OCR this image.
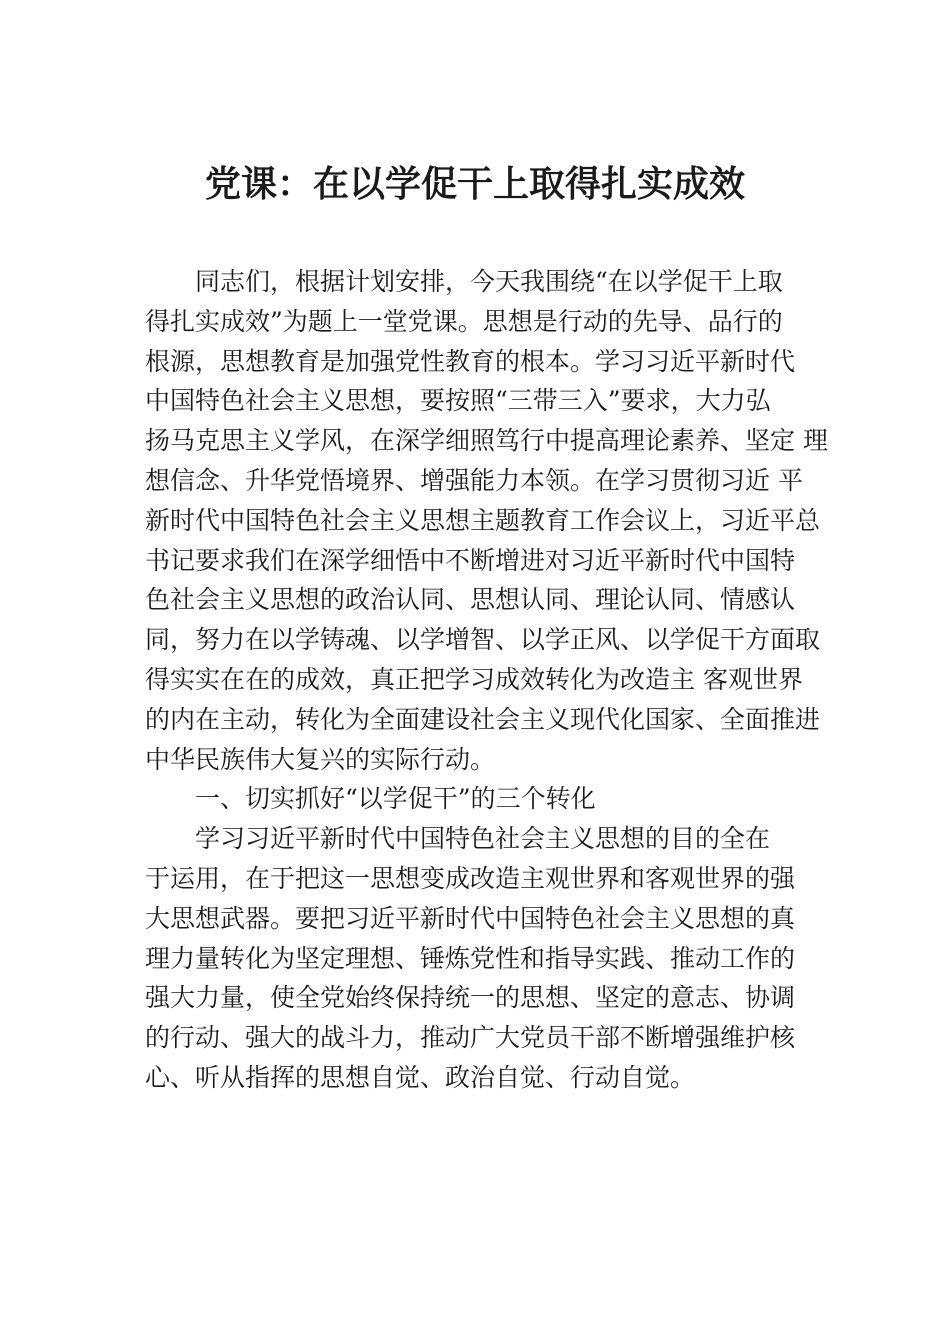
党课：在以学促干上取得扎实成效

同志们，根据计划安排，今天我围绕“在以学促干上取

得扎实成效”为题上一堂党课。思想是行动的先导、品行的

根源，思想教育是加强党性教育的根本。学习习近平新时代

中国特色社会主义思想，要按照“三带三入”要求，大力弘

扬马克思主义学风，在深学细照笃行中提高理论素养、坚定 理

想信念、升华党悟境界、增强能力本领。在学习贯彻习近 平

新时代中国特色社会主义思想主题教育工作会议上，习近平总

书记要求我们在深学细悟中不断增进对习近平新时代中国特

色社会主义思想的政治认同、思想认同、理论认同、情感认

同，努力在以学铸魂、以学增智、以学正风、以学促干方面取

得实实在在的成效，真正把学习成效转化为改造主 客观世界

的内在主动，转化为全面建设社会主义现代化国家、全面推进

中华民族伟大复兴的实际行动。

一、切实抓好“以学促干”的三个转化

学习习近平新时代中国特色社会主义思想的目的全在

于运用，在于把这一思想变成改造主观世界和客观世界的强

大思想武器。要把习近平新时代中国特色社会主义思想的真

理力量转化为坚定理想、锤炼党性和指导实践、推动工作的

强大力量，使全党始终保持统一的思想、坚定的意志、协调

的行动、强大的战斗力，推动广大党员干部不断增强维护核

心、听从指挥的思想自觉、政治自觉、行动自觉。
